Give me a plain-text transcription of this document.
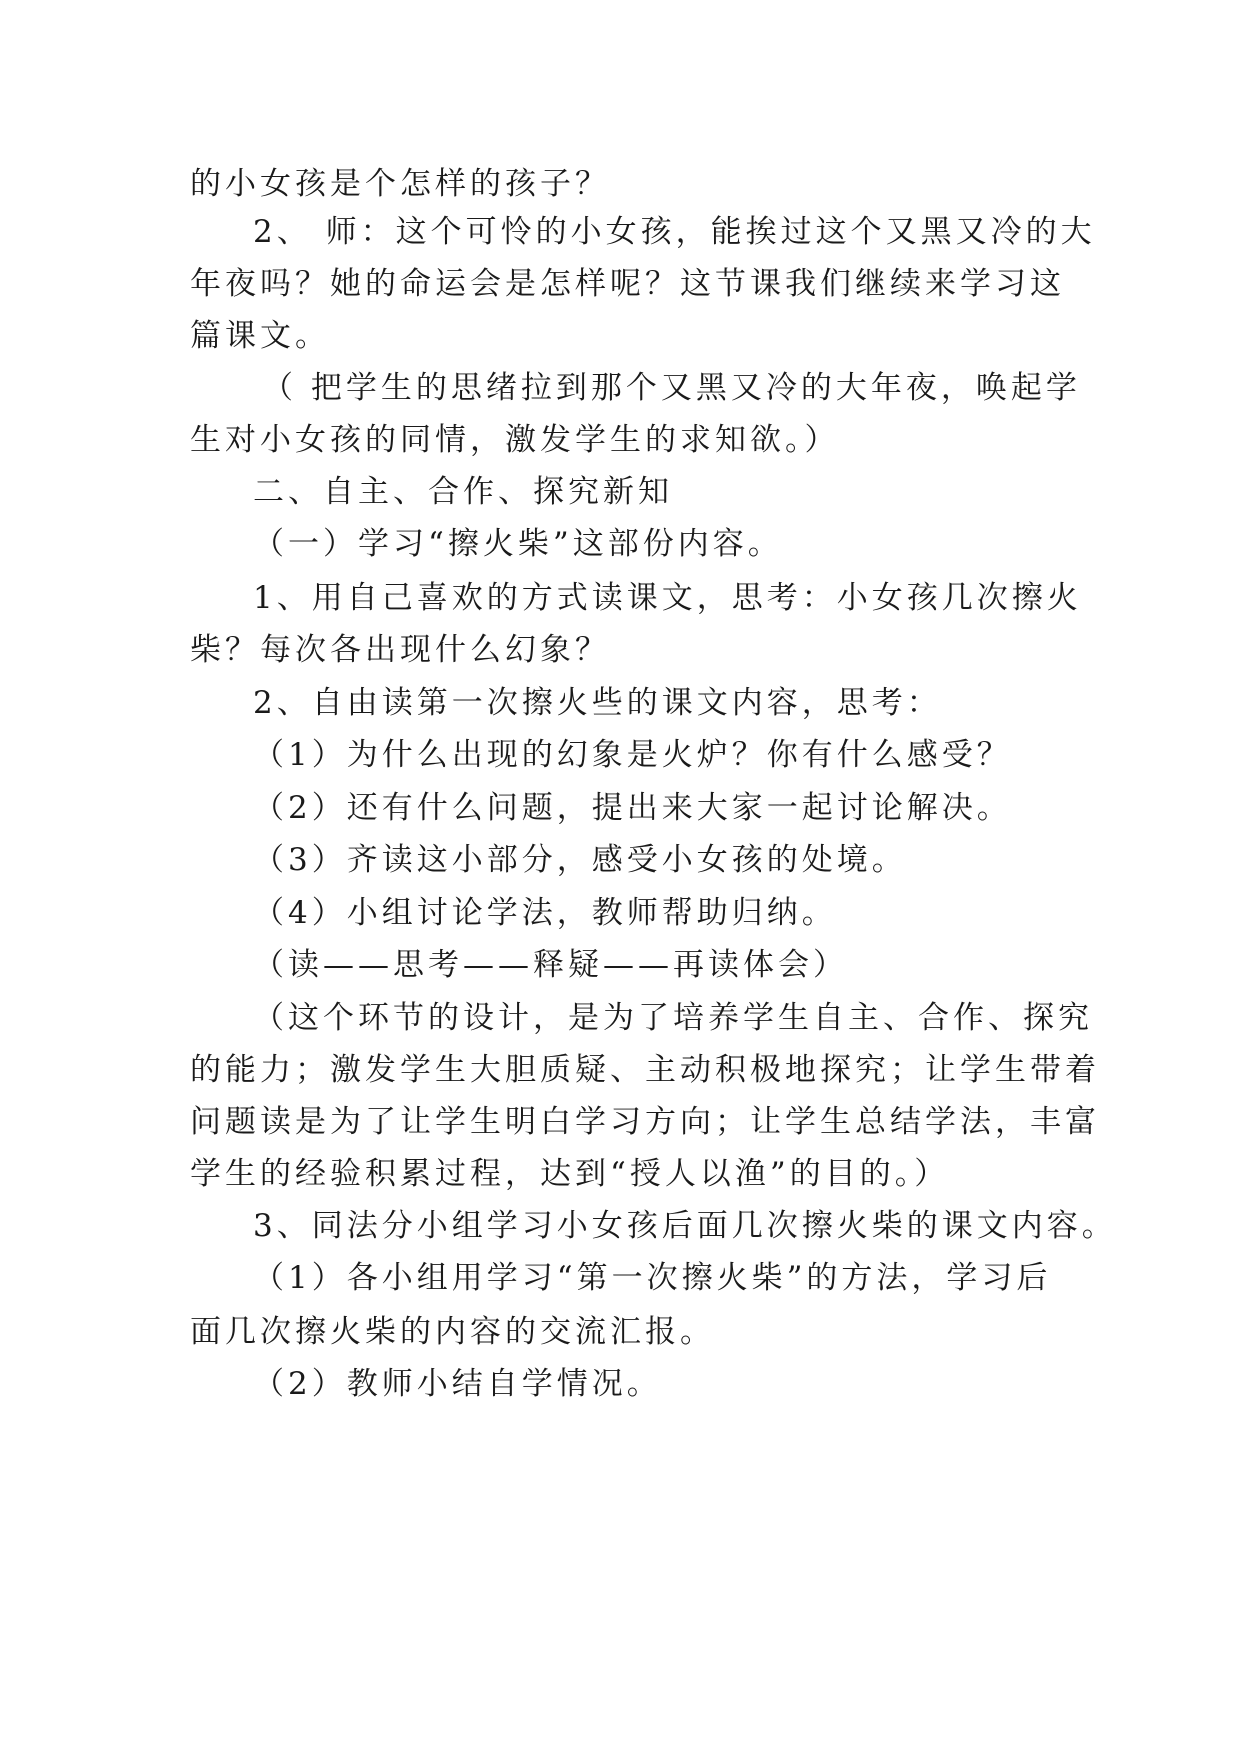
的小女孩是个怎样的孩子？

2、 师：这个可怜的小女孩，能挨过这个又黑又冷的大

年夜吗？她的命运会是怎样呢？这节课我们继续来学习这

篇课文。

（ 把学生的思绪拉到那个又黑又冷的大年夜，唤起学

生对小女孩的同情，激发学生的求知欲。）

二、自主、合作、探究新知

（一）学习“擦火柴”这部份内容。

1、用自己喜欢的方式读课文，思考：小女孩几次擦火

柴？每次各出现什么幻象？

2、自由读第一次擦火些的课文内容，思考：

（1）为什么出现的幻象是火炉？你有什么感受？

（2）还有什么问题，提出来大家一起讨论解决。

（3）齐读这小部分，感受小女孩的处境。

（4）小组讨论学法，教师帮助归纳。

（读——思考——释疑——再读体会）

（这个环节的设计，是为了培养学生自主、合作、探究

的能力；激发学生大胆质疑、主动积极地探究；让学生带着

问题读是为了让学生明白学习方向；让学生总结学法，丰富

学生的经验积累过程，达到“授人以渔”的目的。）

3、同法分小组学习小女孩后面几次擦火柴的课文内容。

（1）各小组用学习“第一次擦火柴”的方法，学习后

面几次擦火柴的内容的交流汇报。

（2）教师小结自学情况。
